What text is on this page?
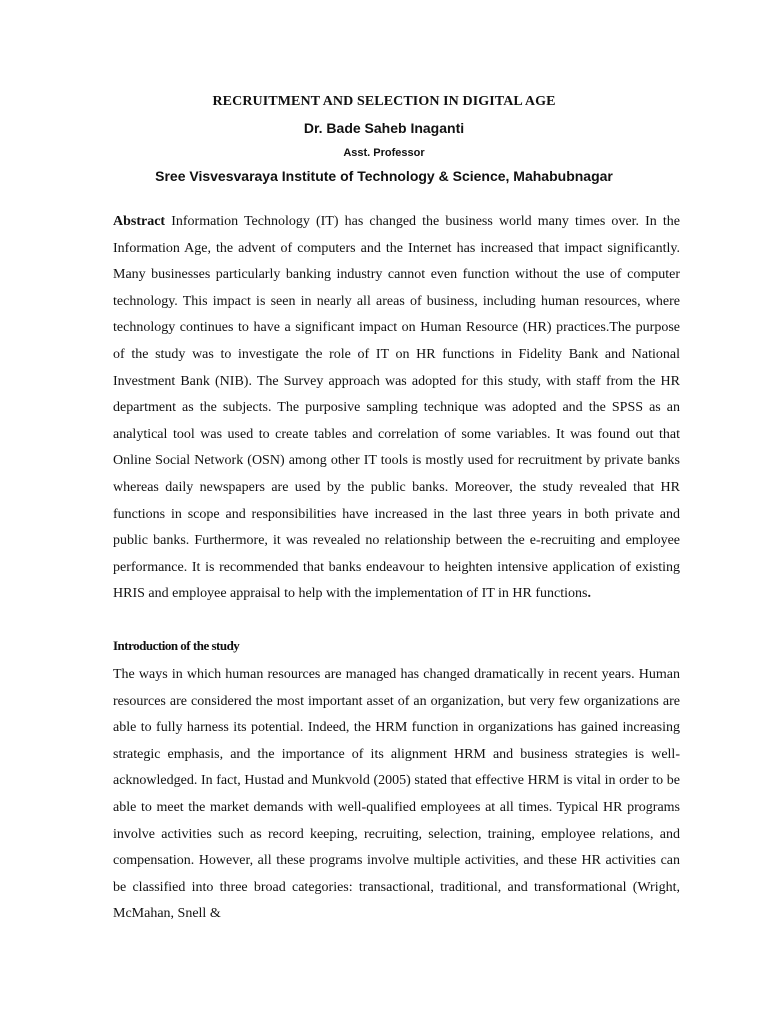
RECRUITMENT AND SELECTION IN DIGITAL AGE
Dr. Bade Saheb Inaganti
Asst. Professor
Sree Visvesvaraya Institute of Technology & Science, Mahabubnagar

Abstract Information Technology (IT) has changed the business world many times over. In the Information Age, the advent of computers and the Internet has increased that impact significantly. Many businesses particularly banking industry cannot even function without the use of computer technology. This impact is seen in nearly all areas of business, including human resources, where technology continues to have a significant impact on Human Resource (HR) practices.The purpose of the study was to investigate the role of IT on HR functions in Fidelity Bank and National Investment Bank (NIB). The Survey approach was adopted for this study, with staff from the HR department as the subjects. The purposive sampling technique was adopted and the SPSS as an analytical tool was used to create tables and correlation of some variables. It was found out that Online Social Network (OSN) among other IT tools is mostly used for recruitment by private banks whereas daily newspapers are used by the public banks. Moreover, the study revealed that HR functions in scope and responsibilities have increased in the last three years in both private and public banks. Furthermore, it was revealed no relationship between the e-recruiting and employee performance. It is recommended that banks endeavour to heighten intensive application of existing HRIS and employee appraisal to help with the implementation of IT in HR functions.

Introduction of the study

The ways in which human resources are managed has changed dramatically in recent years. Human resources are considered the most important asset of an organization, but very few organizations are able to fully harness its potential. Indeed, the HRM function in organizations has gained increasing strategic emphasis, and the importance of its alignment HRM and business strategies is well-acknowledged. In fact, Hustad and Munkvold (2005) stated that effective HRM is vital in order to be able to meet the market demands with well-qualified employees at all times. Typical HR programs involve activities such as record keeping, recruiting, selection, training, employee relations, and compensation. However, all these programs involve multiple activities, and these HR activities can be classified into three broad categories: transactional, traditional, and transformational (Wright, McMahan, Snell &
